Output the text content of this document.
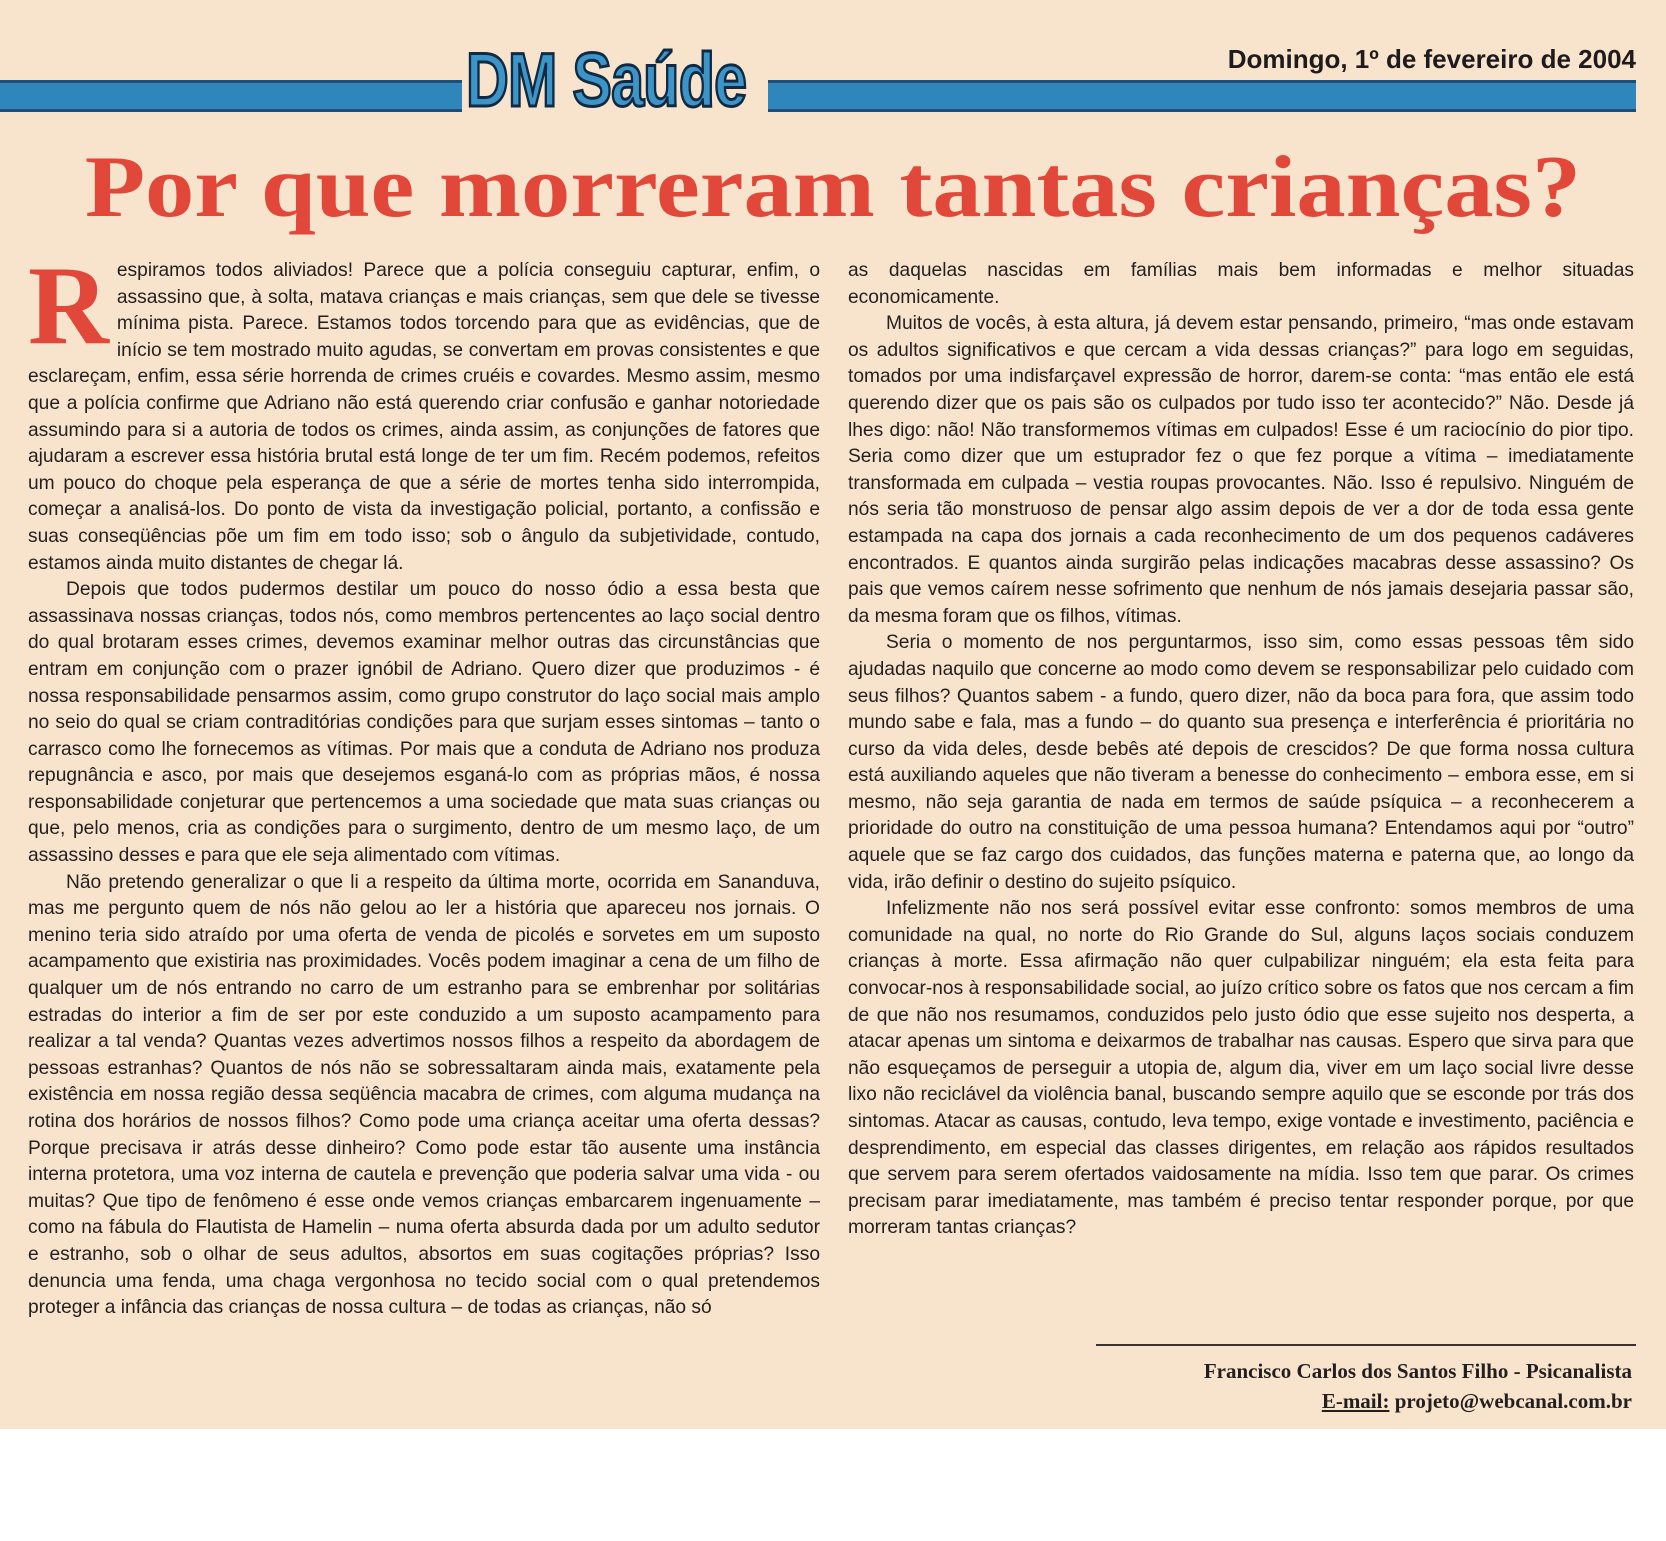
DM Saúde	Domingo, 1º de fevereiro de 2004
Por que morreram tantas crianças?

Respiramos todos aliviados! Parece que a polícia conseguiu capturar, enfim, o assassino que, à solta, matava crianças e mais crianças, sem que dele se tivesse mínima pista. Parece. Estamos todos torcendo para que as evidências, que de início se tem mostrado muito agudas, se convertam em provas consistentes e que esclareçam, enfim, essa série horrenda de crimes cruéis e covardes. Mesmo assim, mesmo que a polícia confirme que Adriano não está querendo criar confusão e ganhar notoriedade assumindo para si a autoria de todos os crimes, ainda assim, as conjunções de fatores que ajudaram a escrever essa história brutal está longe de ter um fim. Recém podemos, refeitos um pouco do choque pela esperança de que a série de mortes tenha sido interrompida, começar a analisá-los. Do ponto de vista da investigação policial, portanto, a confissão e suas conseqüências põe um fim em todo isso; sob o ângulo da subjetividade, contudo, estamos ainda muito distantes de chegar lá.

Depois que todos pudermos destilar um pouco do nosso ódio a essa besta que assassinava nossas crianças, todos nós, como membros pertencentes ao laço social dentro do qual brotaram esses crimes, devemos examinar melhor outras das circunstâncias que entram em conjunção com o prazer ignóbil de Adriano. Quero dizer que produzimos - é nossa responsabilidade pensarmos assim, como grupo construtor do laço social mais amplo no seio do qual se criam contraditórias condições para que surjam esses sintomas – tanto o carrasco como lhe fornecemos as vítimas. Por mais que a conduta de Adriano nos produza repugnância e asco, por mais que desejemos esganá-lo com as próprias mãos, é nossa responsabilidade conjeturar que pertencemos a uma sociedade que mata suas crianças ou que, pelo menos, cria as condições para o surgimento, dentro de um mesmo laço, de um assassino desses e para que ele seja alimentado com vítimas.

Não pretendo generalizar o que li a respeito da última morte, ocorrida em Sananduva, mas me pergunto quem de nós não gelou ao ler a história que apareceu nos jornais. O menino teria sido atraído por uma oferta de venda de picolés e sorvetes em um suposto acampamento que existiria nas proximidades. Vocês podem imaginar a cena de um filho de qualquer um de nós entrando no carro de um estranho para se embrenhar por solitárias estradas do interior a fim de ser por este conduzido a um suposto acampamento para realizar a tal venda? Quantas vezes advertimos nossos filhos a respeito da abordagem de pessoas estranhas? Quantos de nós não se sobressaltaram ainda mais, exatamente pela existência em nossa região dessa seqüência macabra de crimes, com alguma mudança na rotina dos horários de nossos filhos? Como pode uma criança aceitar uma oferta dessas? Porque precisava ir atrás desse dinheiro? Como pode estar tão ausente uma instância interna protetora, uma voz interna de cautela e prevenção que poderia salvar uma vida - ou muitas? Que tipo de fenômeno é esse onde vemos crianças embarcarem ingenuamente – como na fábula do Flautista de Hamelin – numa oferta absurda dada por um adulto sedutor e estranho, sob o olhar de seus adultos, absortos em suas cogitações próprias? Isso denuncia uma fenda, uma chaga vergonhosa no tecido social com o qual pretendemos proteger a infância das crianças de nossa cultura – de todas as crianças, não só

as daquelas nascidas em famílias mais bem informadas e melhor situadas economicamente.

Muitos de vocês, à esta altura, já devem estar pensando, primeiro, “mas onde estavam os adultos significativos e que cercam a vida dessas crianças?” para logo em seguidas, tomados por uma indisfarçavel expressão de horror, darem-se conta: “mas então ele está querendo dizer que os pais são os culpados por tudo isso ter acontecido?” Não. Desde já lhes digo: não! Não transformemos vítimas em culpados! Esse é um raciocínio do pior tipo. Seria como dizer que um estuprador fez o que fez porque a vítima – imediatamente transformada em culpada – vestia roupas provocantes. Não. Isso é repulsivo. Ninguém de nós seria tão monstruoso de pensar algo assim depois de ver a dor de toda essa gente estampada na capa dos jornais a cada reconhecimento de um dos pequenos cadáveres encontrados. E quantos ainda surgirão pelas indicações macabras desse assassino? Os pais que vemos caírem nesse sofrimento que nenhum de nós jamais desejaria passar são, da mesma foram que os filhos, vítimas.

Seria o momento de nos perguntarmos, isso sim, como essas pessoas têm sido ajudadas naquilo que concerne ao modo como devem se responsabilizar pelo cuidado com seus filhos? Quantos sabem - a fundo, quero dizer, não da boca para fora, que assim todo mundo sabe e fala, mas a fundo – do quanto sua presença e interferência é prioritária no curso da vida deles, desde bebês até depois de crescidos? De que forma nossa cultura está auxiliando aqueles que não tiveram a benesse do conhecimento – embora esse, em si mesmo, não seja garantia de nada em termos de saúde psíquica – a reconhecerem a prioridade do outro na constituição de uma pessoa humana? Entendamos aqui por “outro” aquele que se faz cargo dos cuidados, das funções materna e paterna que, ao longo da vida, irão definir o destino do sujeito psíquico.

Infelizmente não nos será possível evitar esse confronto: somos membros de uma comunidade na qual, no norte do Rio Grande do Sul, alguns laços sociais conduzem crianças à morte. Essa afirmação não quer culpabilizar ninguém; ela esta feita para convocar-nos à responsabilidade social, ao juízo crítico sobre os fatos que nos cercam a fim de que não nos resumamos, conduzidos pelo justo ódio que esse sujeito nos desperta, a atacar apenas um sintoma e deixarmos de trabalhar nas causas. Espero que sirva para que não esqueçamos de perseguir a utopia de, algum dia, viver em um laço social livre desse lixo não reciclável da violência banal, buscando sempre aquilo que se esconde por trás dos sintomas. Atacar as causas, contudo, leva tempo, exige vontade e investimento, paciência e desprendimento, em especial das classes dirigentes, em relação aos rápidos resultados que servem para serem ofertados vaidosamente na mídia. Isso tem que parar. Os crimes precisam parar imediatamente, mas também é preciso tentar responder porque, por que morreram tantas crianças?

Francisco Carlos dos Santos Filho - Psicanalista
E-mail: projeto@webcanal.com.br
